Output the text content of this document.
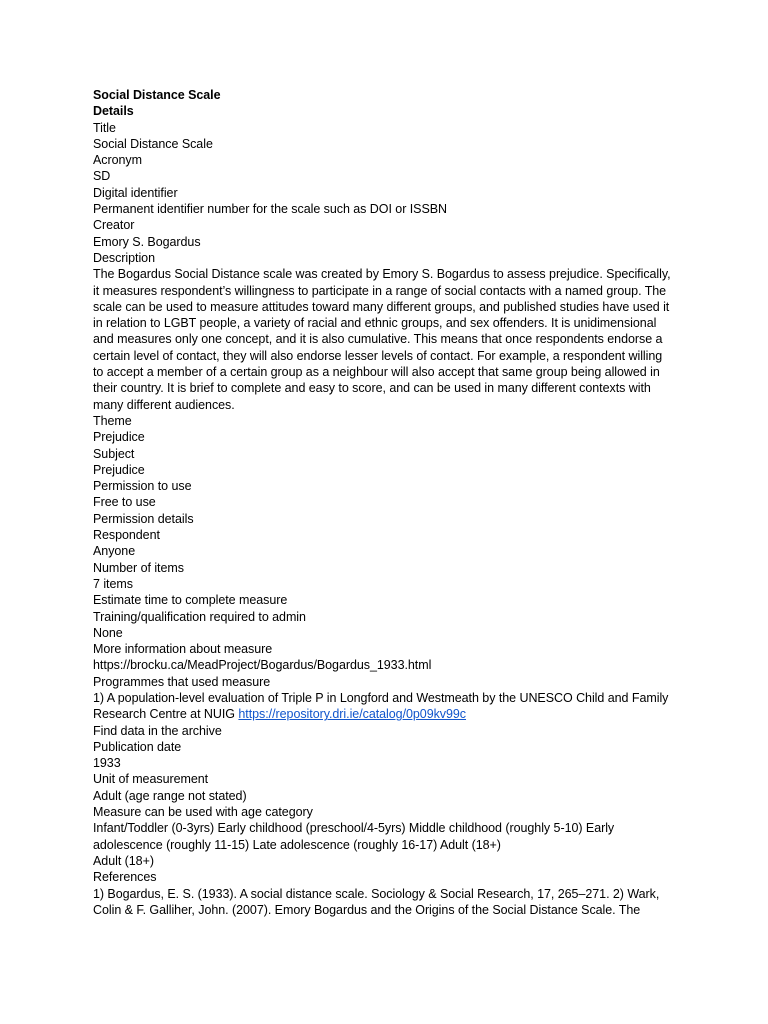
Social Distance Scale
Details
Title
Social Distance Scale
Acronym
SD
Digital identifier
Permanent identifier number for the scale such as DOI or ISSBN
Creator
Emory S. Bogardus
Description
The Bogardus Social Distance scale was created by Emory S. Bogardus to assess prejudice. Specifically, it measures respondent’s willingness to participate in a range of social contacts with a named group. The scale can be used to measure attitudes toward many different groups, and published studies have used it in relation to LGBT people, a variety of racial and ethnic groups, and sex offenders. It is unidimensional and measures only one concept, and it is also cumulative. This means that once respondents endorse a certain level of contact, they will also endorse lesser levels of contact. For example, a respondent willing to accept a member of a certain group as a neighbour will also accept that same group being allowed in their country. It is brief to complete and easy to score, and can be used in many different contexts with many different audiences.
Theme
Prejudice
Subject
Prejudice
Permission to use
Free to use
Permission details
Respondent
Anyone
Number of items
7 items
Estimate time to complete measure
Training/qualification required to admin
None
More information about measure
https://brocku.ca/MeadProject/Bogardus/Bogardus_1933.html
Programmes that used measure
1) A population-level evaluation of Triple P in Longford and Westmeath by the UNESCO Child and Family Research Centre at NUIG https://repository.dri.ie/catalog/0p09kv99c
Find data in the archive
Publication date
1933
Unit of measurement
Adult (age range not stated)
Measure can be used with age category
Infant/Toddler (0-3yrs) Early childhood (preschool/4-5yrs) Middle childhood (roughly 5-10) Early adolescence (roughly 11-15) Late adolescence (roughly 16-17) Adult (18+)
Adult (18+)
References
1) Bogardus, E. S. (1933). A social distance scale. Sociology & Social Research, 17, 265–271. 2) Wark, Colin & F. Galliher, John. (2007). Emory Bogardus and the Origins of the Social Distance Scale. The
